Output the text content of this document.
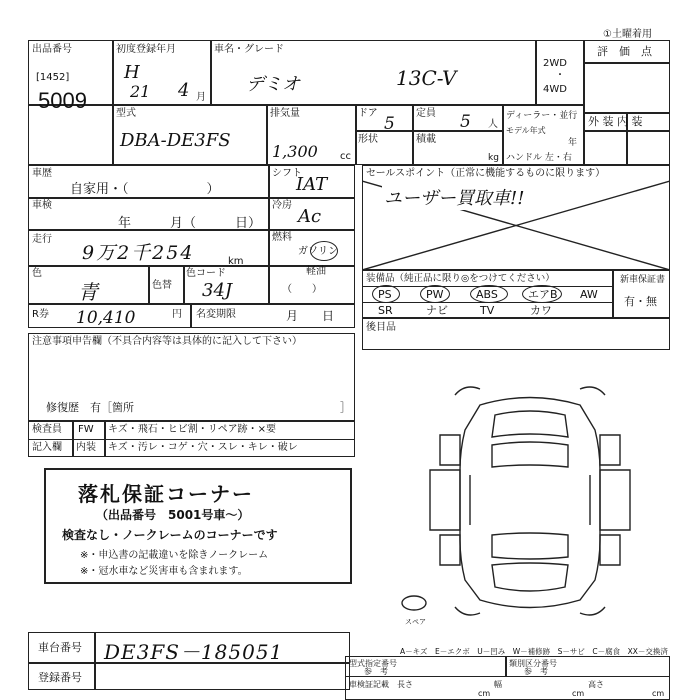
①土曜着用
出品番号
[1452]
5009
初度登録年月
H
21 4 月
車名・グレード
デミオ	13C-V
2WD
・
4WD
評　価　点
外 装 内 装
型式
DBA-DE3FS
排気量
1,300 cc
ドア
5
定員 5 人
形状	積載
kg
ディーラー・並行
モデル年式
年
ハンドル 左・右
車歴
自家用・（　　　　　　）
シフト
IAT
車検
年　　　月（　　　日）
冷房
Ac
走行
9万2千254	km
燃料
ガソリン
軽油
（　　）
色
青	色替
色コード
34J
R券 10,410	円 名変期限	月　　日
セールスポイント（正常に機能するものに限ります）
ユーザー買取車!!
装備品（純正品に限り◎をつけてください）	新車保証書
有・無
PS	PW	ABS	エアB AW
SR	ナビ	TV	カワ
後目品
注意事項申告欄（不具合内容等は具体的に記入して下さい）
修復歴　有［箇所	］
検査員
記入欄
FW キズ・飛石・ヒビ割・リペア跡・×要
内装 キズ・汚レ・コゲ・穴・スレ・キレ・破レ
落札保証コーナー
（出品番号　5001号車～）
検査なし・ノークレームのコーナーです
※・申込書の記載違いを除きノークレーム
※・冠水車など災害車も含まれます。
スペア
A－キズ　E－エクボ　U－凹み　W－補修跡　S－サビ　C－腐食　XX－交換済
車台番号 DE3FS－185051
登録番号
型式指定番号
参　考
類別区分番号
参　考
車検証記載 長さ
cm
幅
cm
高さ
cm
